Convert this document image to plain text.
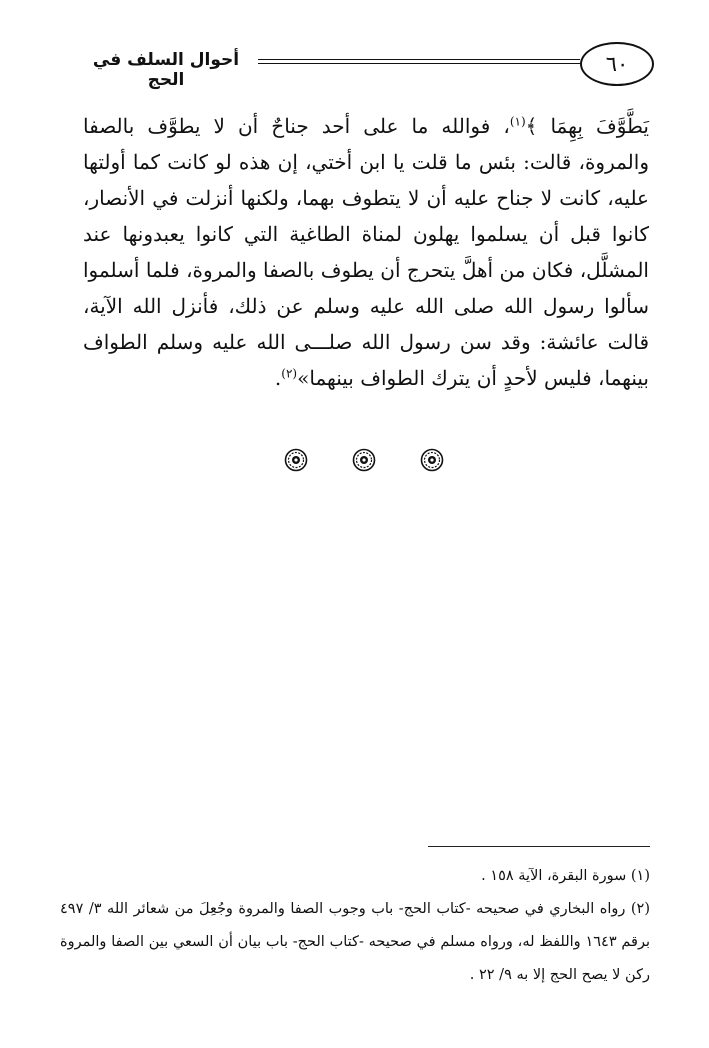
٦٠
أحوال السلف في الحج
يَطَّوَّفَ بِهِمَا ﴾$^{(١)}$، فوالله ما على أحد جناحٌ أن لا يطوَّف بالصفا والمروة، قالت: بئس ما قلت يا ابن أختي، إن هذه لو كانت كما أولتها عليه، كانت لا جناح عليه أن لا يتطوف بهما، ولكنها أنزلت في الأنصار، كانوا قبل أن يسلموا يهلون لمناة الطاغية التي كانوا يعبدونها عند المشلَّل، فكان من أهلَّ يتحرج أن يطوف بالصفا والمروة، فلما أسلموا سألوا رسول الله صلى الله عليه وسلم عن ذلك، فأنزل الله الآية، قالت عائشة: وقد سن رسول الله صلـــى الله عليه وسلم الطواف بينهما، فليس لأحدٍ أن يترك الطواف بينهما»$^{(٢)}$.

(١) سورة البقرة، الآية ١٥٨ .

(٢) رواه البخاري في صحيحه -كتاب الحج- باب وجوب الصفا والمروة وجُعِلَ من شعائر الله ٣/ ٤٩٧ برقم ١٦٤٣ واللفظ له، ورواه مسلم في صحيحه -كتاب الحج- باب بيان أن السعي بين الصفا والمروة ركن لا يصح الحج إلا به ٩/ ٢٢ .
